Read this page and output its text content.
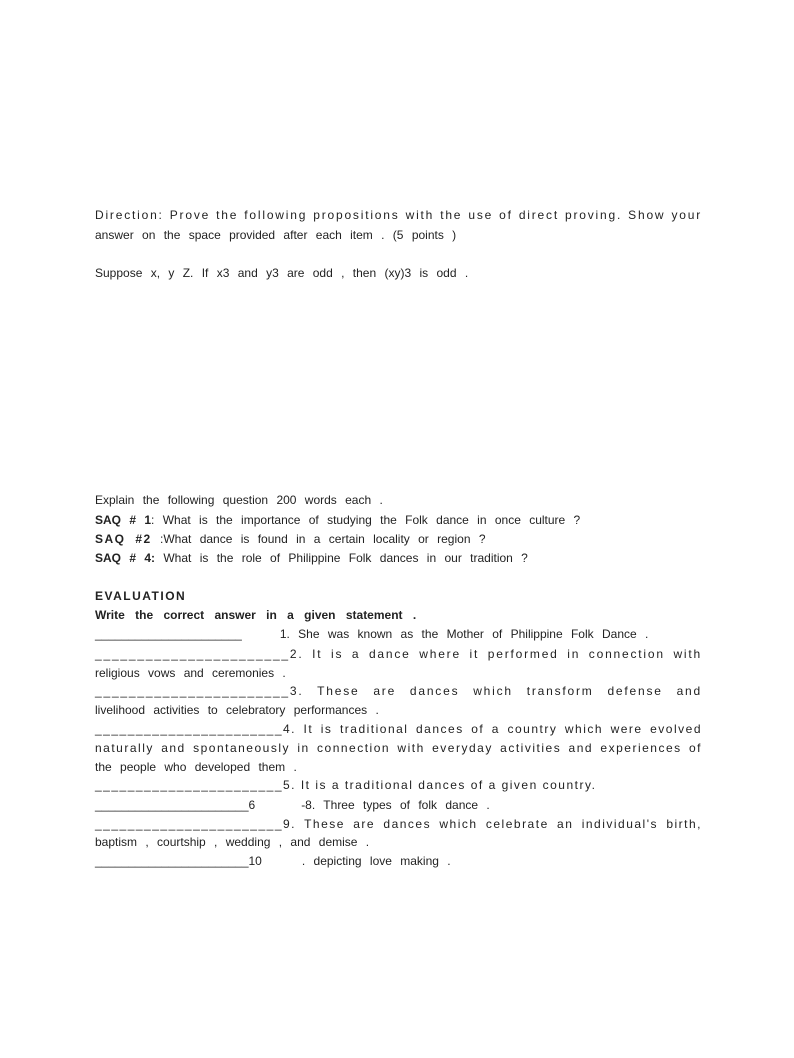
Direction: Prove the following propositions with the use of direct proving. Show your
answer on the space provided after each item . (5 points )
Suppose x, y Z. If x3 and y3 are odd , then (xy)3 is odd .
Explain the following question 200 words each .
SAQ # 1: What is the importance of studying the Folk dance in once culture ?
SAQ #2 :What dance is found in a certain locality or region ?
SAQ # 4: What is the role of Philippine Folk dances in our tradition ?
EVALUATION
Write the correct answer in a given statement .
______________________	1. She was known as the Mother of Philippine Folk Dance .
_______________________2. It is a dance where it performed in connection with
religious vows and ceremonies .
_______________________3. These are dances which transform defense and
livelihood activities to celebratory performances .
_______________________4. It is traditional dances of a country which were evolved
naturally and spontaneously in connection with everyday activities and experiences of
the people who developed them .
_______________________5. It is a traditional dances of a given country.
_______________________6	-8. Three types of folk dance .
_______________________9. These are dances which celebrate an individual's birth,
baptism , courtship , wedding , and demise .
_______________________10	. depicting love making .
